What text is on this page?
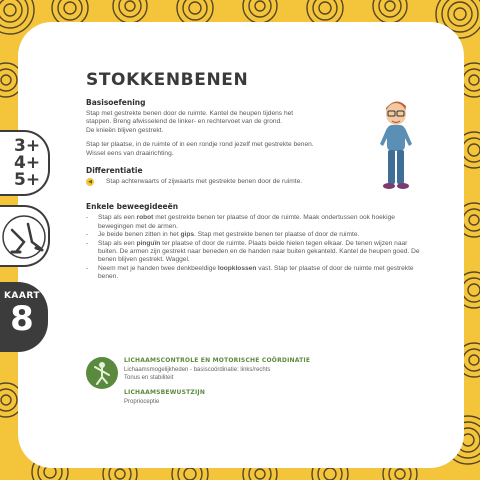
3+
4+
5+
KAART
8
STOKKENBENEN
Basisoefening

Stap met gestrekte benen door de ruimte. Kantel de heupen tijdens het

stappen. Breng afwisselend de linker- en rechtervoet van de grond.

De knieën blijven gestrekt.

Stap ter plaatse, in de ruimte of in een rondje rond jezelf met gestrekte benen.

Wissel eens van draairichting.

Differentiatie
◀	Stap achterwaarts of zijwaarts met gestrekte benen door de ruimte.

Enkele beweegideeën
- Stap als een robot met gestrekte benen ter plaatse of door de ruimte. Maak ondertussen ook hoekige bewegingen met de armen.
- Je beide benen zitten in het gips. Stap met gestrekte benen ter plaatse of door de ruimte.
- Stap als een pinguïn ter plaatse of door de ruimte. Plaats beide hielen tegen elkaar. De tenen wijzen naar buiten. De armen zijn gestrekt naar beneden en de handen naar buiten gekanteld. Kantel de heupen goed. De benen blijven gestrekt. Waggel.
- Neem met je handen twee denkbeeldige loopklossen vast. Stap ter plaatse of door de ruimte met gestrekte benen.
LICHAAMSCONTROLE EN MOTORISCHE COÖRDINATIE

Lichaamsmogelijkheden - basiscoördinatie: links/rechts

Tonus en stabiliteit

LICHAAMSBEWUSTZIJN

Proprioceptie
